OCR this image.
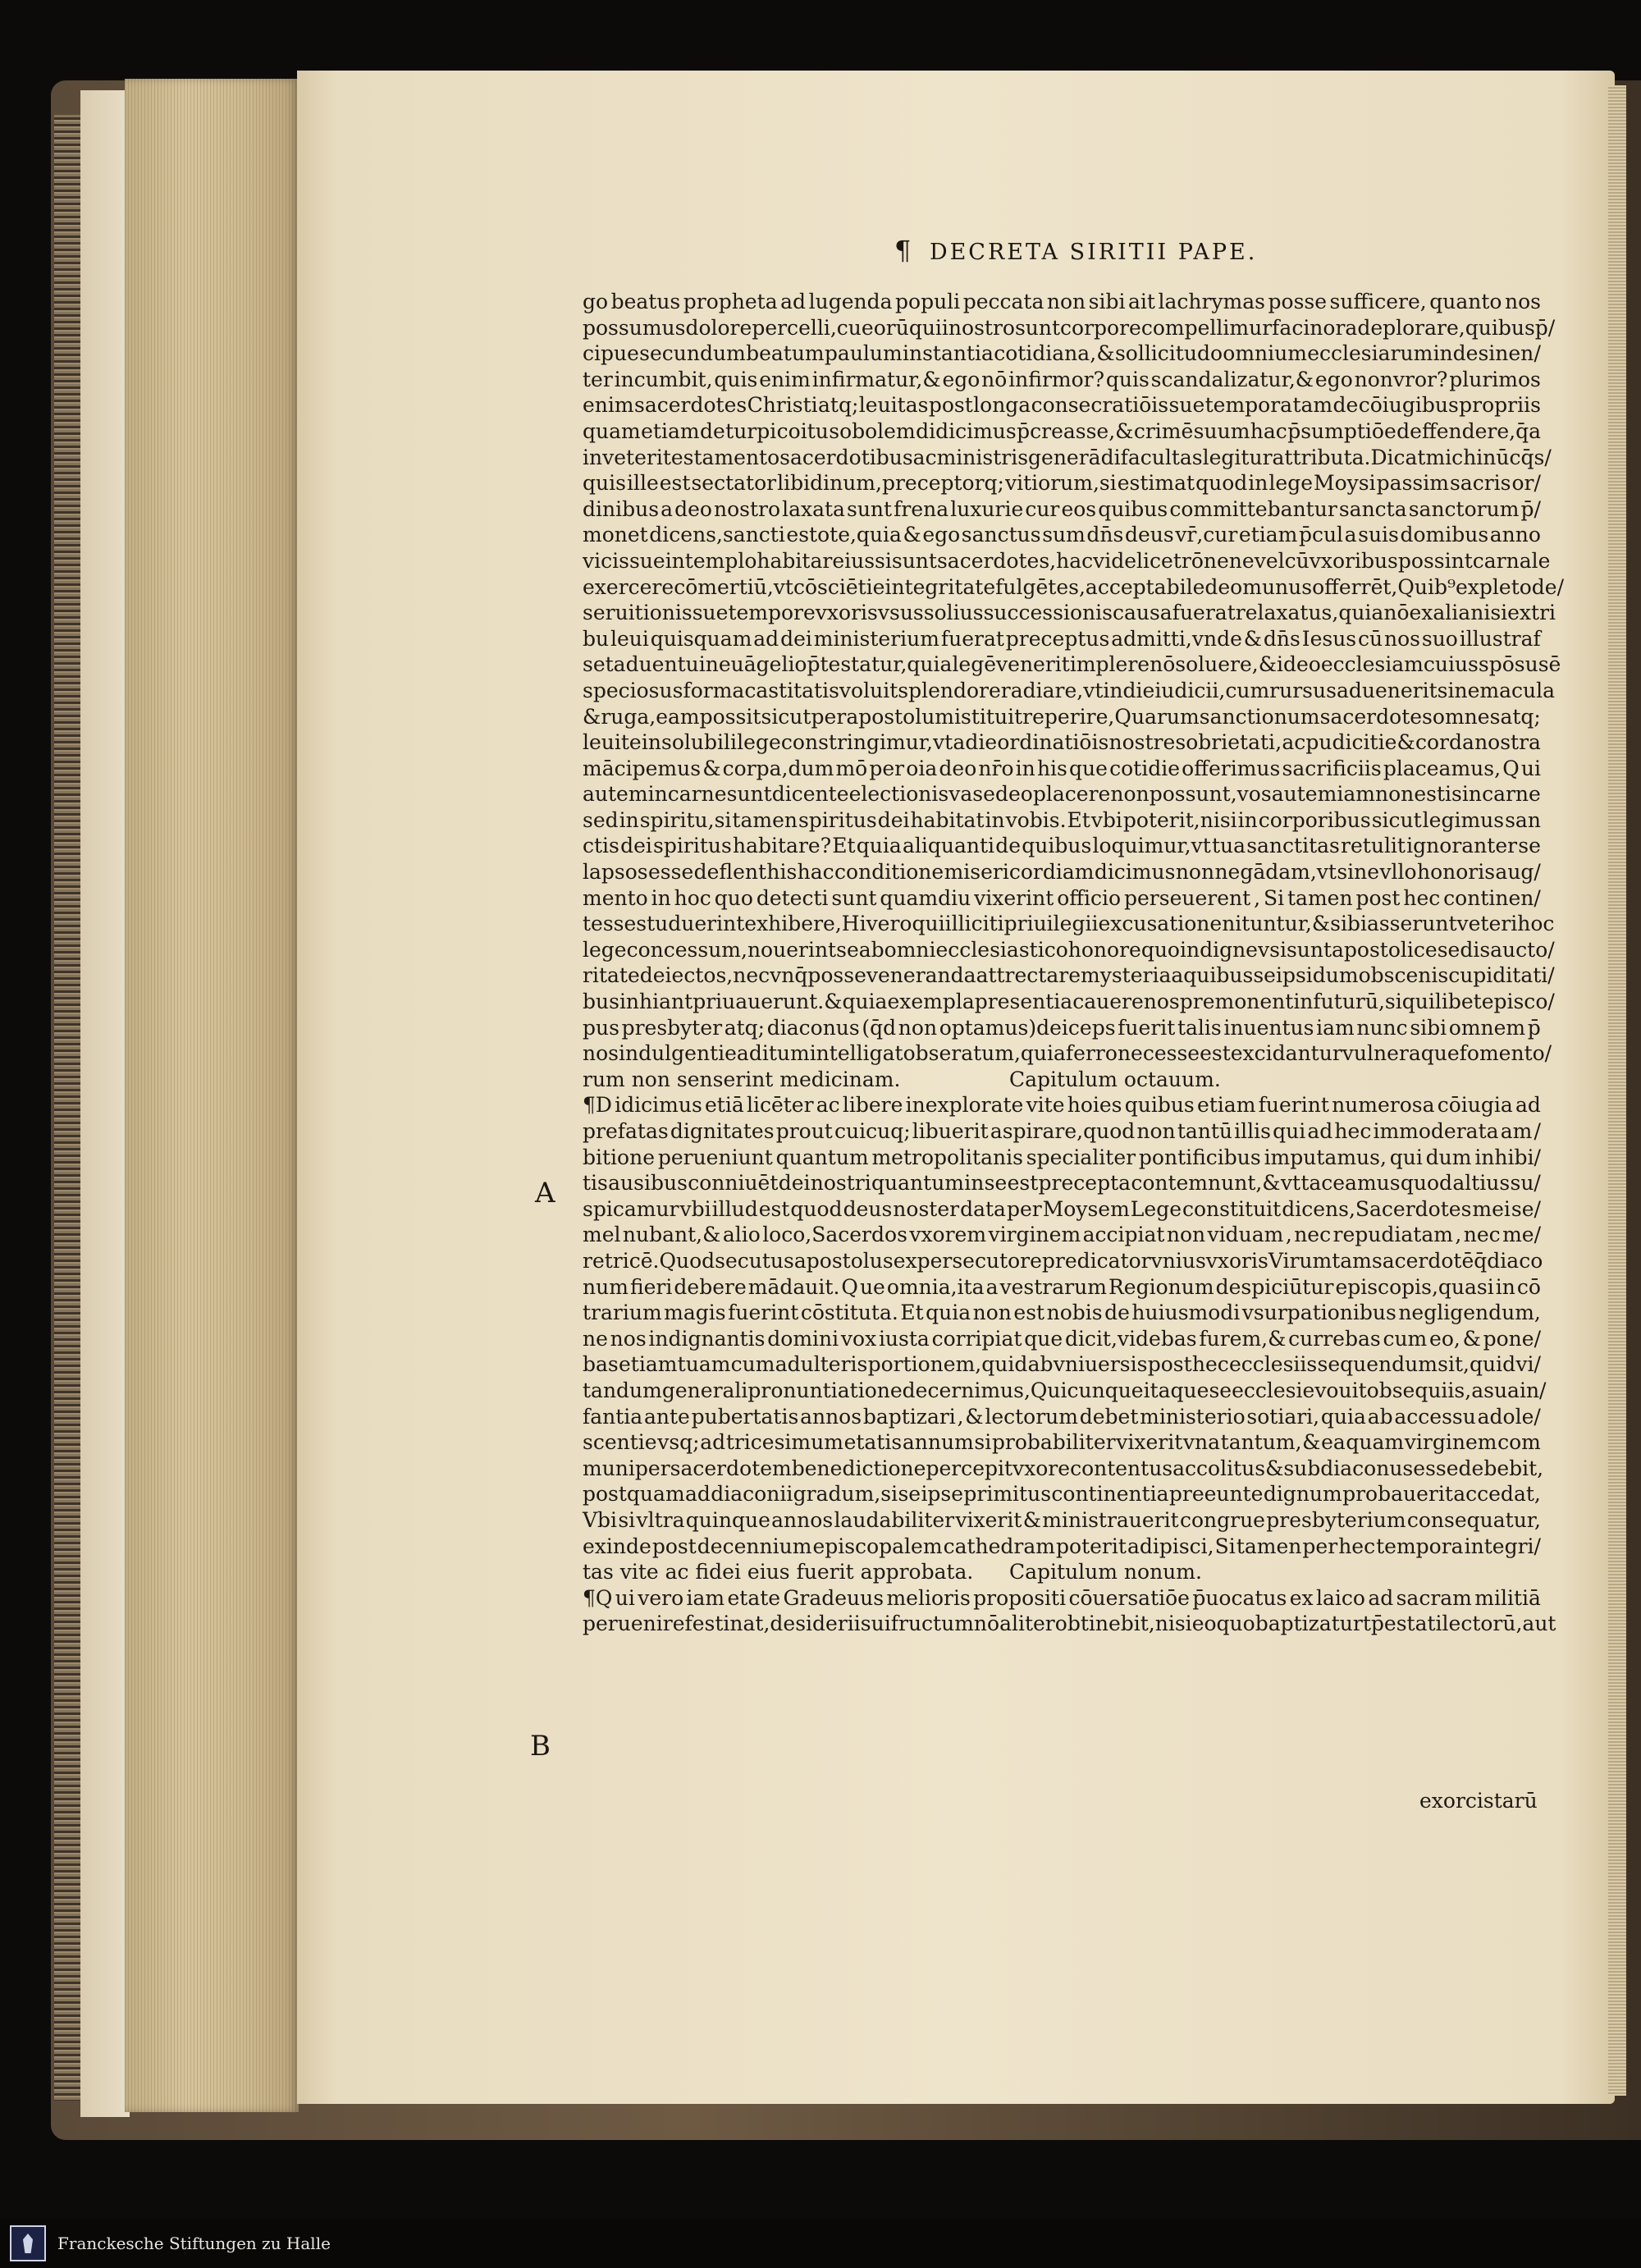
¶ DECRETA SIRITII PAPE.
go beatus propheta ad lugenda populi peccata non sibi ait lachrymas posse sufficere, quanto nos
possumus dolore percelli,cu eorū qui i nostro sunt corpore compellimur facinora deplorare, quibus p̄ /
cipue secundum beatum paulum instantia cotidiana, & sollicitudo omnium ecclesiarum indesinen /
ter incumbit, quis enim infirmatur,& ego nō infirmor? quis scandalizatur,& ego nonvror? plurimos
enim sacerdotes Christi atq; leuitas post longa consecratiōis sue tempora tam de cōiugibus propriis
quam etiam de turpi coitu sobolem didicimus p̄creasse,& crimē suum hac p̄sumptiōe deffendere,q̄a
in veteri testamento sacerdotibus ac ministris generādi facultas legitur attributa. Dicat michi nūc q̄s/
quis ille est sectator libidinum,preceptorq; vitiorum,si estimat quod in lege Moysi passim sacris or/
dinibus a deo nostro laxata sunt frena luxurie cur eos quibus committebantur sancta sanctorum p̄/
monet dicens,sancti estote,quia & ego sanctus sum dn̄s deus vr̄,cur etiam p̄cul a suis domibus anno
vicis sue in templo habitare iussi sunt sacerdotes,hac videlicet rōne ne vel cū vxoribus possint carnale
exercere cōmertiū,vt cōsciētie integritate fulgētes, acceptabile deo munus offerrēt, Q uib⁹ expleto de/
seruitionis sue tempore vxoris vsus solius successionis causa fuerat relaxatus, quia nō ex alia nisi ex tri
bu leui quisquam ad dei ministerium fuerat preceptus admitti,vnde & dn̄s Iesus cū nos suo illustraf
set aduentu in euāgelio p̄testatur,quia legē venerit implere nō soluere,& ideo ecclesiam cuius spōsus ē
speciosus forma castitatis voluit splendore radiare, vt in die iudicii, cum rursus aduenerit sine macula
& ruga,eam possit sicut per apostolum istituit reperire, Q uarum sanctionum sacerdotes omnes atq;
leuite insolubili lege constringimur,vt a die ordinatiōis nostre sobrietati , ac pudicitie & corda nostra
mācipemus & corpa,dum mō per oia deo nr̄o in his que cotidie offerimus sacrificiis placeamus, Q ui
autem in carne sunt dicente electionis vase deo placere non possunt,vos autem iam non estis in carne
sed in spiritu,si tamen spiritus dei habitat in vobis. Et vbi poterit,nisi in corporibus sicut legimus san
ctis dei spiritus habitare? Et quia aliquanti de quibus loquimur,vt tua sanctitas retulit ignoranter se
lapsos esse deflent his hac conditione misericordiam dicimus non negādam,vt sine vllo honoris aug/
mento in hoc quo detecti sunt quamdiu vixerint officio perseuerent , Si tamen post hec continen/
tes se studuerint exhibere,Hi vero qui illiciti priuilegii excusatione nituntur,& sibi asserunt veteri hoc
lege concessum,nouerint se ab omni ecclesiastico honore quo indigne vsi sunt apostolice sedis aucto/
ritate deiectos,nec vnq̄ posse veneranda attrectare mysteria a quibus se ipsi dum obscenis cupiditati/
bus inhiant priuauerunt. & quia exempla presentia cauere nos premonent in futurū,si quilibet episco/
pus presbyter atq; diaconus (q̄d non optamus)deiceps fuerit talis inuentus iam nunc sibi omnem p̄
nos indulgentie aditum intelligat obseratum,quia ferro necesse est excidantur vulnera que fomento/
rum non senserint medicinam.	Capitulum octauum.
¶D idicimus etiā licēter ac libere inexplorate vite hoies quibus etiam fuerint numerosa cōiugia ad
prefatas dignitates prout cuicuq; libuerit aspirare,quod non tantū illis qui ad hec immoderata am /
bitione perueniunt quantum metropolitanis specialiter pontificibus imputamus, qui dum inhibi/
tis ausibus conniuēt dei nostri quantum in se est precepta contemnunt,& vt taceamus quod altius su/
spicamur vbi illud est quod deus noster data per Moysem Lege constituit dicens,Sacerdotes mei se/
mel nubant,& alio loco,Sacerdos vxorem virginem accipiat non viduam , nec repudiatam , nec me/
retricē. Q uod secutus apostolus ex persecutore predicator vnius vxoris Virum tam sacerdotē q̄ diaco
num fieri debere mādauit. Q ue omnia,ita a vestrarum Regionum despiciūtur episcopis,quasi in cō
trarium magis fuerint cōstituta. Et quia non est nobis de huiusmodi vsurpationibus negligendum,
ne nos indignantis domini vox iusta corripiat que dicit,videbas furem,& currebas cum eo, & pone/
bas etiam tuam cum adulteris portionem,quid ab vniuersis post hec ecclesiis sequendum sit,quid vi/
tandum generali pronuntiatione decernimus, Q uicunque itaque se ecclesie vouit obsequiis,a sua in/
fantia ante pubertatis annos baptizari , & lectorum debet ministerio sotiari, quia ab accessu adole/
scentie vsq; ad tricesimum etatis annum si probabiliter vixerit vna tantum, & ea quam virginem com
muni per sacerdotem benedictione percepit vxore contentus accolitus & subdiaconus esse debebit,
postquam ad diaconii gradum,si se ipse primitus continentia preeunte dignum probauerit accedat,
Vbi si vltra quinque annos laudabiliter vixerit & ministrauerit congrue presbyterium consequatur,
exinde post decennium episcopalem cathedram poterit adipisci, Si tamen per hec tempora integri/
tas vite ac fidei eius fuerit approbata.	Capitulum nonum.
¶Q ui vero iam etate Gradeuus melioris propositi cōuersatiōe p̄uocatus ex laico ad sacram militiā
peruenire festinat,desiderii sui fructum nō aliter obtinebit,nisi eo quo baptizatur tp̄e stati lectorū,aut
A
B
exorcistarū
Franckesche Stiftungen zu Halle
